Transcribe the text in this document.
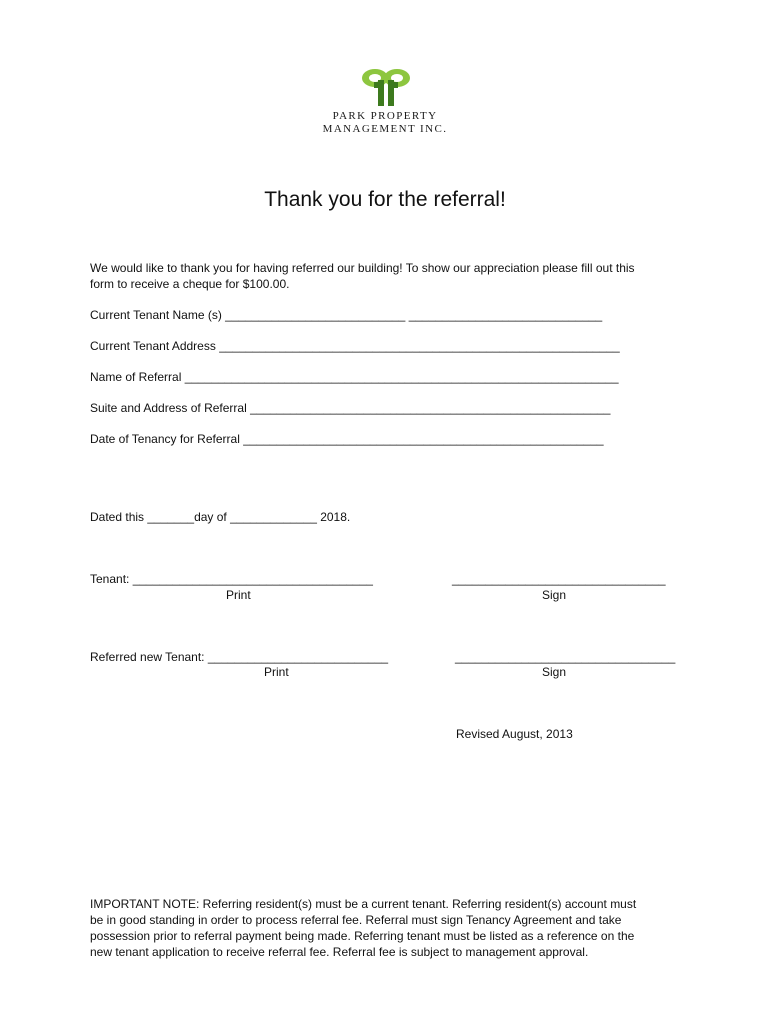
PARK PROPERTY
MANAGEMENT INC.
Thank you for the referral!
We would like to thank you for having referred our building! To show our appreciation please fill out this
form to receive a cheque for $100.00.
Current Tenant Name (s) ___________________________ _____________________________
Current Tenant Address ____________________________________________________________
Name of Referral _________________________________________________________________
Suite and Address of Referral ______________________________________________________
Date of Tenancy for Referral ______________________________________________________
Dated this _______day of _____________ 2018.
Tenant: ____________________________________	________________________________
Print	Sign
Referred new Tenant: ___________________________	_________________________________
Print	Sign
Revised August, 2013
IMPORTANT NOTE: Referring resident(s) must be a current tenant. Referring resident(s) account must
be in good standing in order to process referral fee. Referral must sign Tenancy Agreement and take
possession prior to referral payment being made. Referring tenant must be listed as a reference on the
new tenant application to receive referral fee. Referral fee is subject to management approval.
